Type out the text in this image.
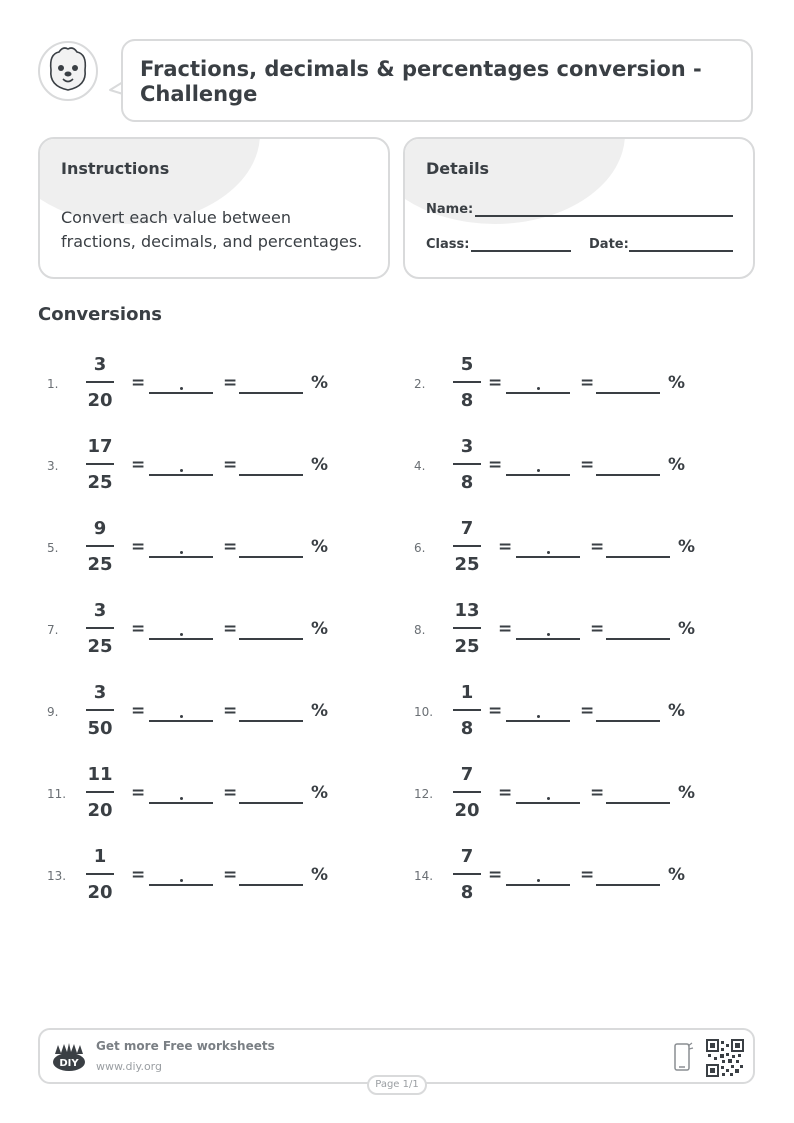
Fractions, decimals & percentages conversion -
Challenge
Instructions
Convert each value between
fractions, decimals, and percentages.
Details
Name:
Class:	Date:
Conversions
1.
3
20
=	=	%	2.
5
8
=	=	%
3.
17
25
=	=	%	4.
3
8
=	=	%
5.
9
25
=	=	%	6.
7
25
=	=	%
7.
3
25
=	=	%	8.
13
25
=	=	%
9.
3
50
=	=	%	10.
1
8
=	=	%
11.
11
20
=	=	%	12.
7
20
=	=	%
13.
1
20
=	=	%	14.
7
8
=	=	%
DIY
Get more Free worksheets
www.diy.org
Page 1/1
